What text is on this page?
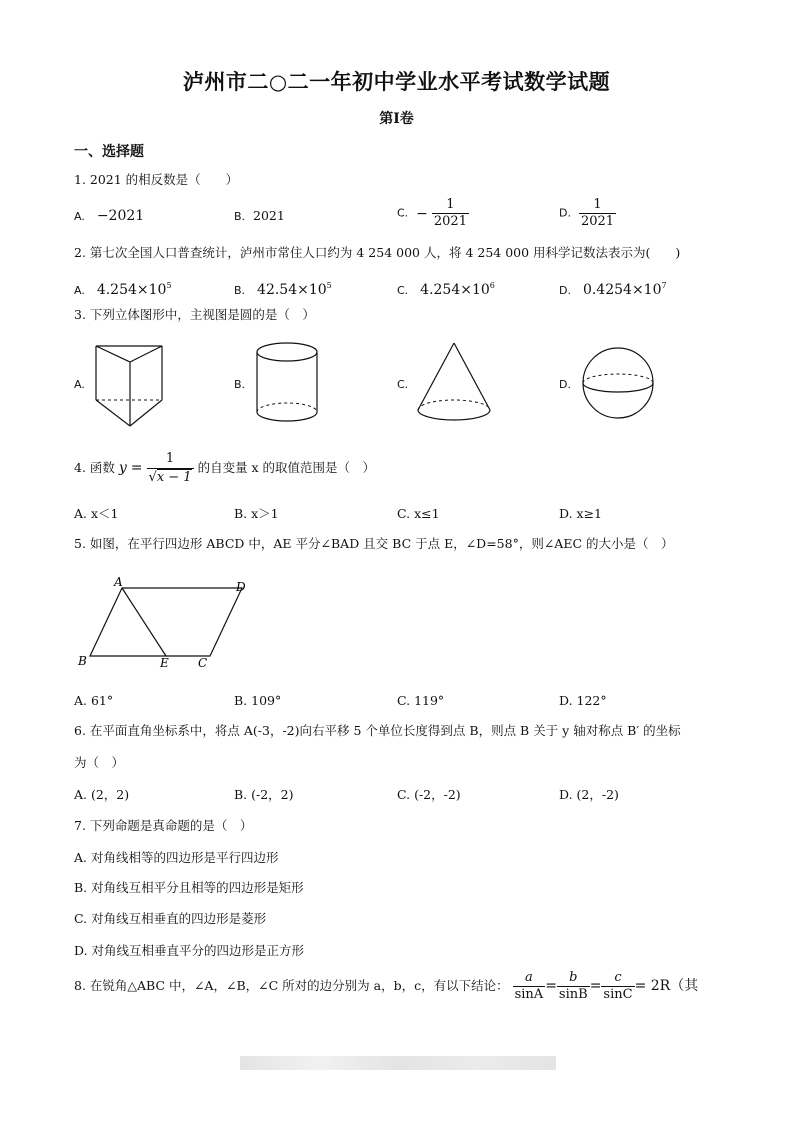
泸州市二○二一年初中学业水平考试数学试题
第Ⅰ卷
一、选择题
1. 2021 的相反数是（　　）
A. −2021	B. 2021	C. − $\frac{1}{2021}$	D. $\frac{1}{2021}$
2. 第七次全国人口普查统计，泸州市常住人口约为 4 254 000 人，将 4 254 000 用科学记数法表示为(　　)
A. $4.254\times 10^5$	B. $42.54\times 10^5$	C. $4.254\times 10^6$	D. $0.4254\times 10^7$
3. 下列立体图形中，主视图是圆的是（　）
A.	B.	C.	D.
4. 函数 $y = \frac{1}{√x - 1}$ 的自变量 x 的取值范围是（　）
A. x＜1	B. x＞1	C. x≤1	D. x≥1
5. 如图，在平行四边形 ABCD 中，AE 平分∠BAD 且交 BC 于点 E，∠D=58°，则∠AEC 的大小是（　）
A	D
B	E C
A. 61°	B. 109°	C. 119°	D. 122°
6. 在平面直角坐标系中，将点 A(-3，-2)向右平移 5 个单位长度得到点 B，则点 B 关于 y 轴对称点 B′ 的坐标
为（　）
A. (2，2)	B. (-2，2)	C. (-2，-2)	D. (2，-2)
7. 下列命题是真命题的是（　）
A. 对角线相等的四边形是平行四边形
B. 对角线互相平分且相等的四边形是矩形
C. 对角线互相垂直的四边形是菱形
D. 对角线互相垂直平分的四边形是正方形
8. 在锐角△ABC 中，∠A，∠B，∠C 所对的边分别为 a，b，c，有以下结论： $\frac{a}{\sin A} = \frac{b}{\sin B} = \frac{c}{\sin C} = 2R$（其
